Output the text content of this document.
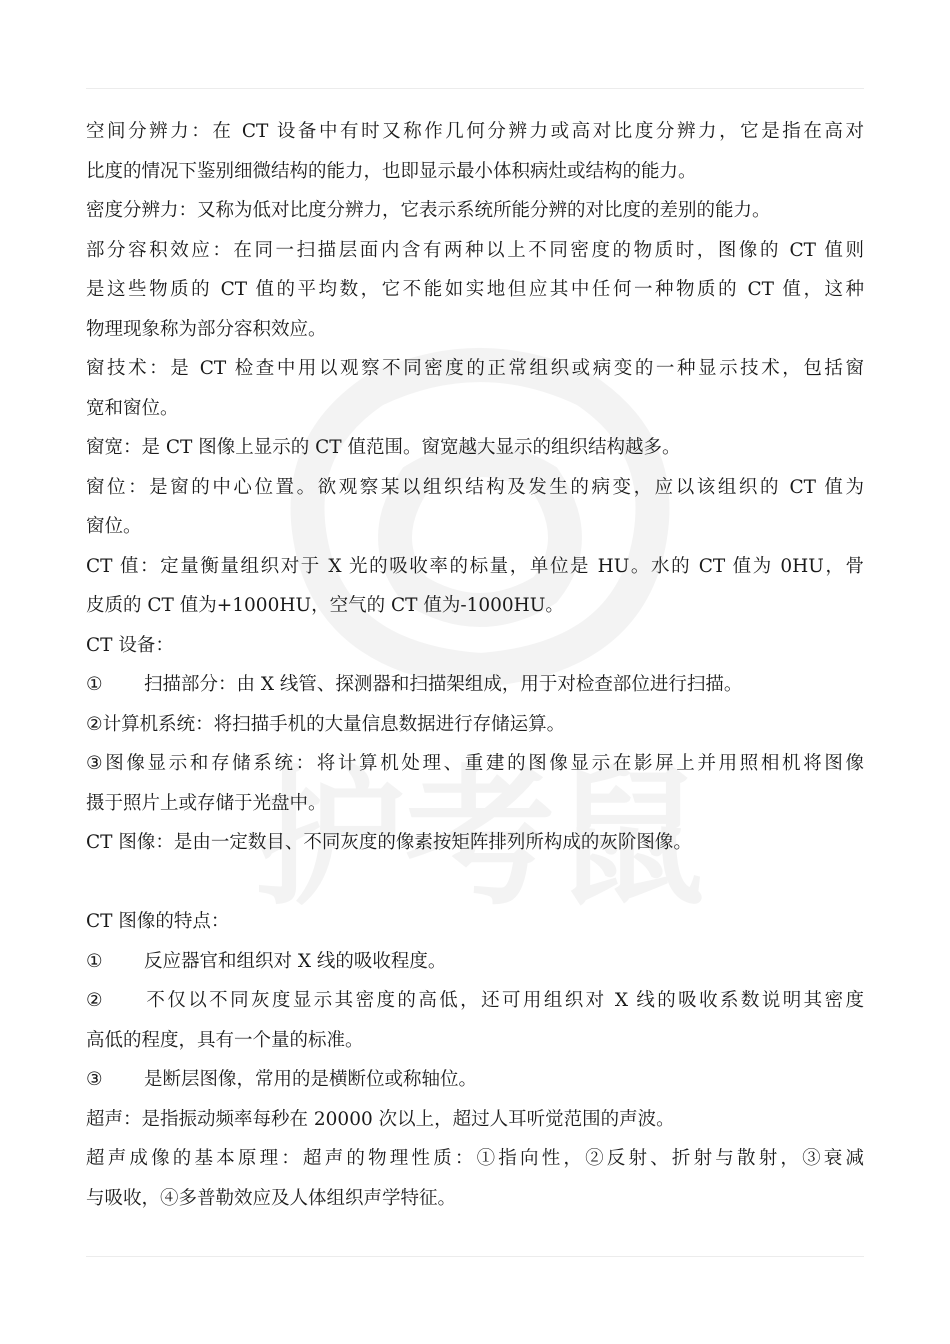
空间分辨力：在 CT 设备中有时又称作几何分辨力或高对比度分辨力，它是指在高对
比度的情况下鉴别细微结构的能力，也即显示最小体积病灶或结构的能力。
密度分辨力：又称为低对比度分辨力，它表示系统所能分辨的对比度的差别的能力。
部分容积效应：在同一扫描层面内含有两种以上不同密度的物质时，图像的 CT 值则
是这些物质的 CT 值的平均数，它不能如实地但应其中任何一种物质的 CT 值，这种
物理现象称为部分容积效应。
窗技术：是 CT 检查中用以观察不同密度的正常组织或病变的一种显示技术，包括窗
宽和窗位。
窗宽：是 CT 图像上显示的 CT 值范围。窗宽越大显示的组织结构越多。
窗位：是窗的中心位置。欲观察某以组织结构及发生的病变，应以该组织的 CT 值为
窗位。
CT 值：定量衡量组织对于 X 光的吸收率的标量，单位是 HU。水的 CT 值为 0HU，骨
皮质的 CT 值为+1000HU，空气的 CT 值为-1000HU。
CT 设备：
① 扫描部分：由 X 线管、探测器和扫描架组成，用于对检查部位进行扫描。
②计算机系统：将扫描手机的大量信息数据进行存储运算。
③图像显示和存储系统：将计算机处理、重建的图像显示在影屏上并用照相机将图像
摄于照片上或存储于光盘中。
CT 图像：是由一定数目、不同灰度的像素按矩阵排列所构成的灰阶图像。
CT 图像的特点：
① 反应器官和组织对 X 线的吸收程度。
② 不仅以不同灰度显示其密度的高低，还可用组织对 X 线的吸收系数说明其密度
高低的程度，具有一个量的标准。
③ 是断层图像，常用的是横断位或称轴位。
超声：是指振动频率每秒在 20000 次以上，超过人耳听觉范围的声波。
超声成像的基本原理：超声的物理性质：①指向性，②反射、折射与散射，③衰减
与吸收，④多普勒效应及人体组织声学特征。
